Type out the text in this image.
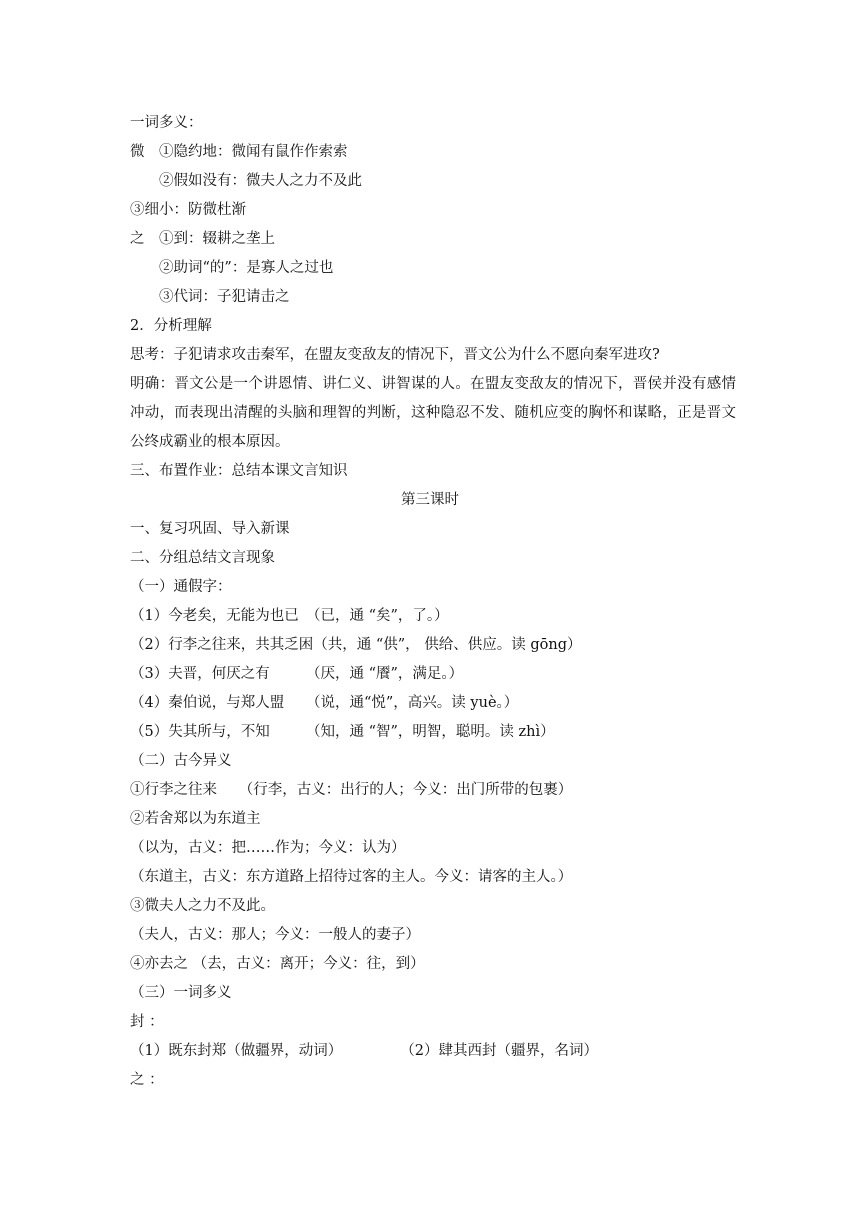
一词多义：
微　①隐约地：微闻有鼠作作索索
　　②假如没有：微夫人之力不及此
③细小：防微杜渐
之　①到：辍耕之垄上
　　②助词“的”：是寡人之过也
　　③代词：子犯请击之
2．分析理解
思考：子犯请求攻击秦军，在盟友变敌友的情况下，晋文公为什么不愿向秦军进攻?
明确：晋文公是一个讲恩情、讲仁义、讲智谋的人。在盟友变敌友的情况下，晋侯并没有感情冲动，而表现出清醒的头脑和理智的判断，这种隐忍不发、随机应变的胸怀和谋略，正是晋文公终成霸业的根本原因。
三、布置作业：总结本课文言知识
第三课时
一、复习巩固、导入新课
二、分组总结文言现象
（一）通假字：
（1）今老矣，无能为也已　（已，通 “矣”，了。）
（2）行李之往来，共其乏困（共，通 “供”， 供给、供应。读 gōng）
（3）夫晋，何厌之有　　　（厌，通 “餍”，满足。）
（4）秦伯说，与郑人盟　　（说，通“悦”，高兴。读 yuè。）
（5）失其所与，不知　　　（知，通 “智”，明智，聪明。读 zhì）
（二）古今异义
①行李之往来　　（行李，古义：出行的人；今义：出门所带的包裹）
②若舍郑以为东道主
（以为，古义：把……作为；今义：认为）
（东道主，古义：东方道路上招待过客的主人。今义：请客的主人。）
③微夫人之力不及此。
（夫人，古义：那人；今义：一般人的妻子）
④亦去之 （去，古义：离开；今义：往，到）
（三）一词多义
封 ：
（1）既东封郑（做疆界，动词）　　　　　（2）肆其西封（疆界，名词）
之 ：
